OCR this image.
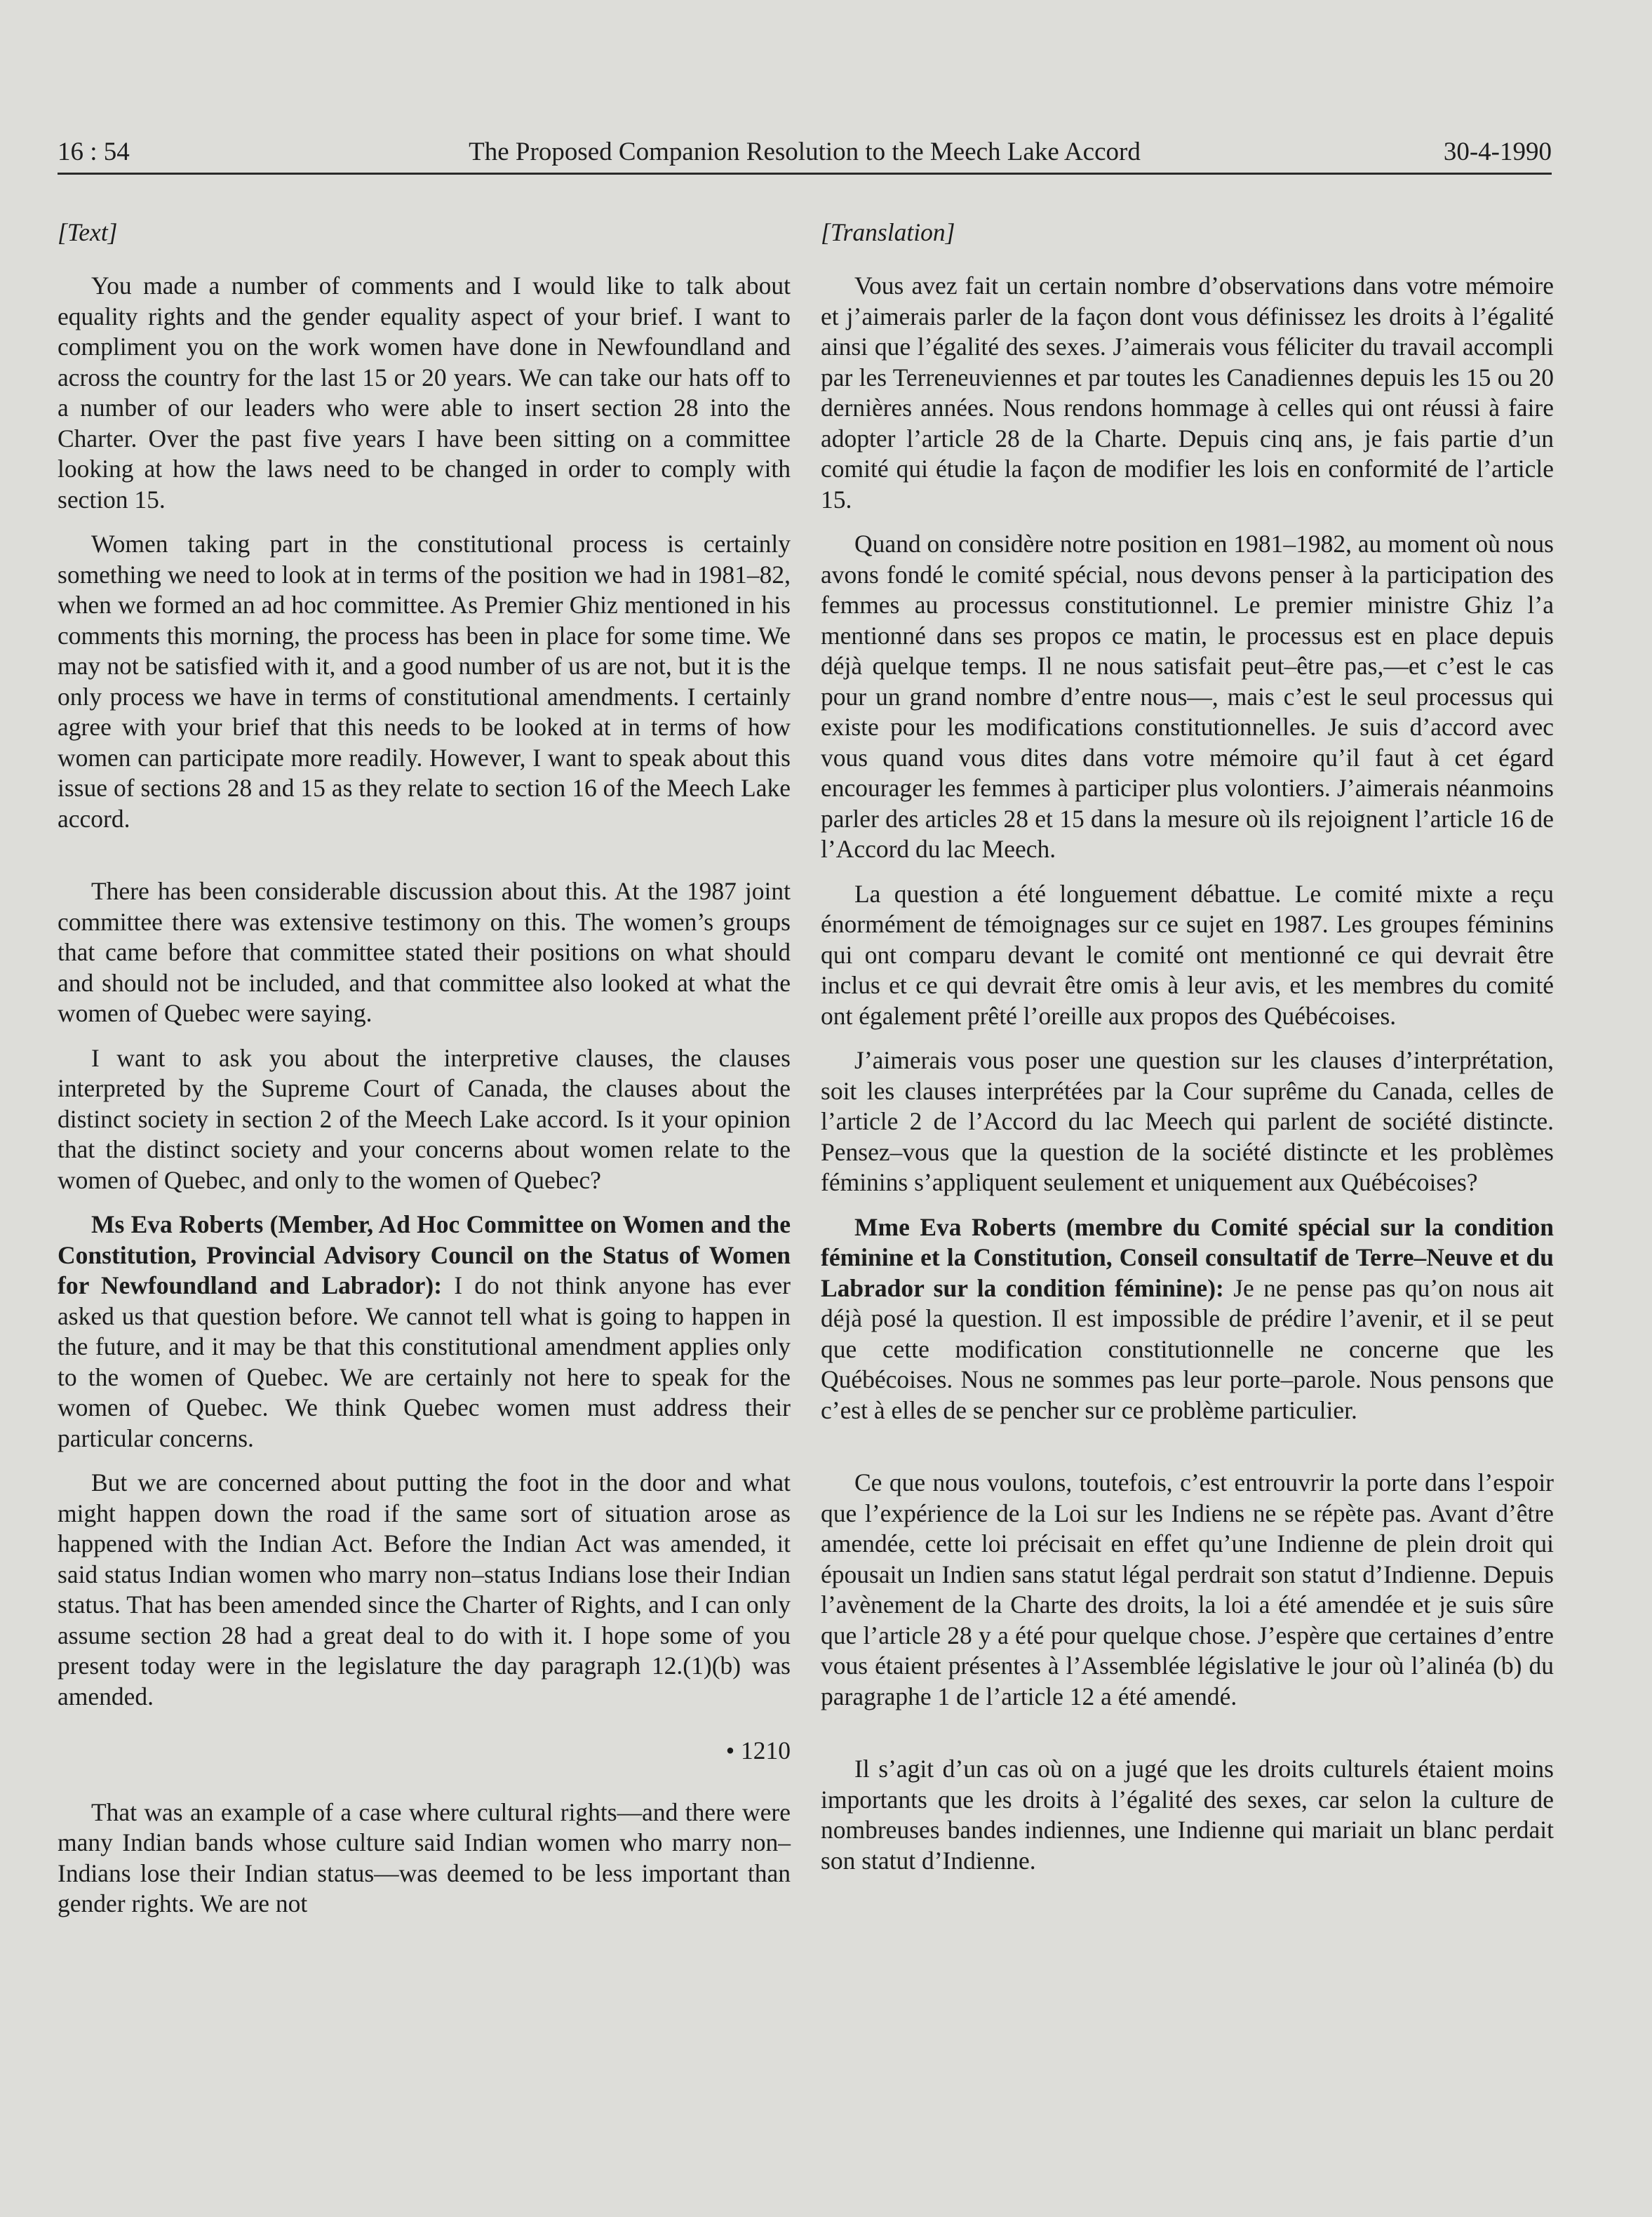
16 : 54	The Proposed Companion Resolution to the Meech Lake Accord	30-4-1990
[Text]

You made a number of comments and I would like to talk about equality rights and the gender equality aspect of your brief. I want to compliment you on the work women have done in Newfoundland and across the country for the last 15 or 20 years. We can take our hats off to a number of our leaders who were able to insert section 28 into the Charter. Over the past five years I have been sitting on a committee looking at how the laws need to be changed in order to comply with section 15.

Women taking part in the constitutional process is certainly something we need to look at in terms of the position we had in 1981–82, when we formed an ad hoc committee. As Premier Ghiz mentioned in his comments this morning, the process has been in place for some time. We may not be satisfied with it, and a good number of us are not, but it is the only process we have in terms of constitutional amendments. I certainly agree with your brief that this needs to be looked at in terms of how women can participate more readily. However, I want to speak about this issue of sections 28 and 15 as they relate to section 16 of the Meech Lake accord.

There has been considerable discussion about this. At the 1987 joint committee there was extensive testimony on this. The women’s groups that came before that committee stated their positions on what should and should not be included, and that committee also looked at what the women of Quebec were saying.

I want to ask you about the interpretive clauses, the clauses interpreted by the Supreme Court of Canada, the clauses about the distinct society in section 2 of the Meech Lake accord. Is it your opinion that the distinct society and your concerns about women relate to the women of Quebec, and only to the women of Quebec?

Ms Eva Roberts (Member, Ad Hoc Committee on Women and the Constitution, Provincial Advisory Council on the Status of Women for Newfoundland and Labrador): I do not think anyone has ever asked us that question before. We cannot tell what is going to happen in the future, and it may be that this constitutional amendment applies only to the women of Quebec. We are certainly not here to speak for the women of Quebec. We think Quebec women must address their particular concerns.

But we are concerned about putting the foot in the door and what might happen down the road if the same sort of situation arose as happened with the Indian Act. Before the Indian Act was amended, it said status Indian women who marry non–status Indians lose their Indian status. That has been amended since the Charter of Rights, and I can only assume section 28 had a great deal to do with it. I hope some of you present today were in the legislature the day paragraph 12.(1)(b) was amended.

• 1210

That was an example of a case where cultural rights—and there were many Indian bands whose culture said Indian women who marry non–Indians lose their Indian status—was deemed to be less important than gender rights. We are not

[Translation]

Vous avez fait un certain nombre d’observations dans votre mémoire et j’aimerais parler de la façon dont vous définissez les droits à l’égalité ainsi que l’égalité des sexes. J’aimerais vous féliciter du travail accompli par les Terreneuviennes et par toutes les Canadiennes depuis les 15 ou 20 dernières années. Nous rendons hommage à celles qui ont réussi à faire adopter l’article 28 de la Charte. Depuis cinq ans, je fais partie d’un comité qui étudie la façon de modifier les lois en conformité de l’article 15.

Quand on considère notre position en 1981–1982, au moment où nous avons fondé le comité spécial, nous devons penser à la participation des femmes au processus constitutionnel. Le premier ministre Ghiz l’a mentionné dans ses propos ce matin, le processus est en place depuis déjà quelque temps. Il ne nous satisfait peut–être pas,—et c’est le cas pour un grand nombre d’entre nous—, mais c’est le seul processus qui existe pour les modifications constitutionnelles. Je suis d’accord avec vous quand vous dites dans votre mémoire qu’il faut à cet égard encourager les femmes à participer plus volontiers. J’aimerais néanmoins parler des articles 28 et 15 dans la mesure où ils rejoignent l’article 16 de l’Accord du lac Meech.

La question a été longuement débattue. Le comité mixte a reçu énormément de témoignages sur ce sujet en 1987. Les groupes féminins qui ont comparu devant le comité ont mentionné ce qui devrait être inclus et ce qui devrait être omis à leur avis, et les membres du comité ont également prêté l’oreille aux propos des Québécoises.

J’aimerais vous poser une question sur les clauses d’interprétation, soit les clauses interprétées par la Cour suprême du Canada, celles de l’article 2 de l’Accord du lac Meech qui parlent de société distincte. Pensez–vous que la question de la société distincte et les problèmes féminins s’appliquent seulement et uniquement aux Québécoises?

Mme Eva Roberts (membre du Comité spécial sur la condition féminine et la Constitution, Conseil consultatif de Terre–Neuve et du Labrador sur la condition féminine): Je ne pense pas qu’on nous ait déjà posé la question. Il est impossible de prédire l’avenir, et il se peut que cette modification constitutionnelle ne concerne que les Québécoises. Nous ne sommes pas leur porte–parole. Nous pensons que c’est à elles de se pencher sur ce problème particulier.

Ce que nous voulons, toutefois, c’est entrouvrir la porte dans l’espoir que l’expérience de la Loi sur les Indiens ne se répète pas. Avant d’être amendée, cette loi précisait en effet qu’une Indienne de plein droit qui épousait un Indien sans statut légal perdrait son statut d’Indienne. Depuis l’avènement de la Charte des droits, la loi a été amendée et je suis sûre que l’article 28 y a été pour quelque chose. J’espère que certaines d’entre vous étaient présentes à l’Assemblée législative le jour où l’alinéa (b) du paragraphe 1 de l’article 12 a été amendé.

Il s’agit d’un cas où on a jugé que les droits culturels étaient moins importants que les droits à l’égalité des sexes, car selon la culture de nombreuses bandes indiennes, une Indienne qui mariait un blanc perdait son statut d’Indienne.
